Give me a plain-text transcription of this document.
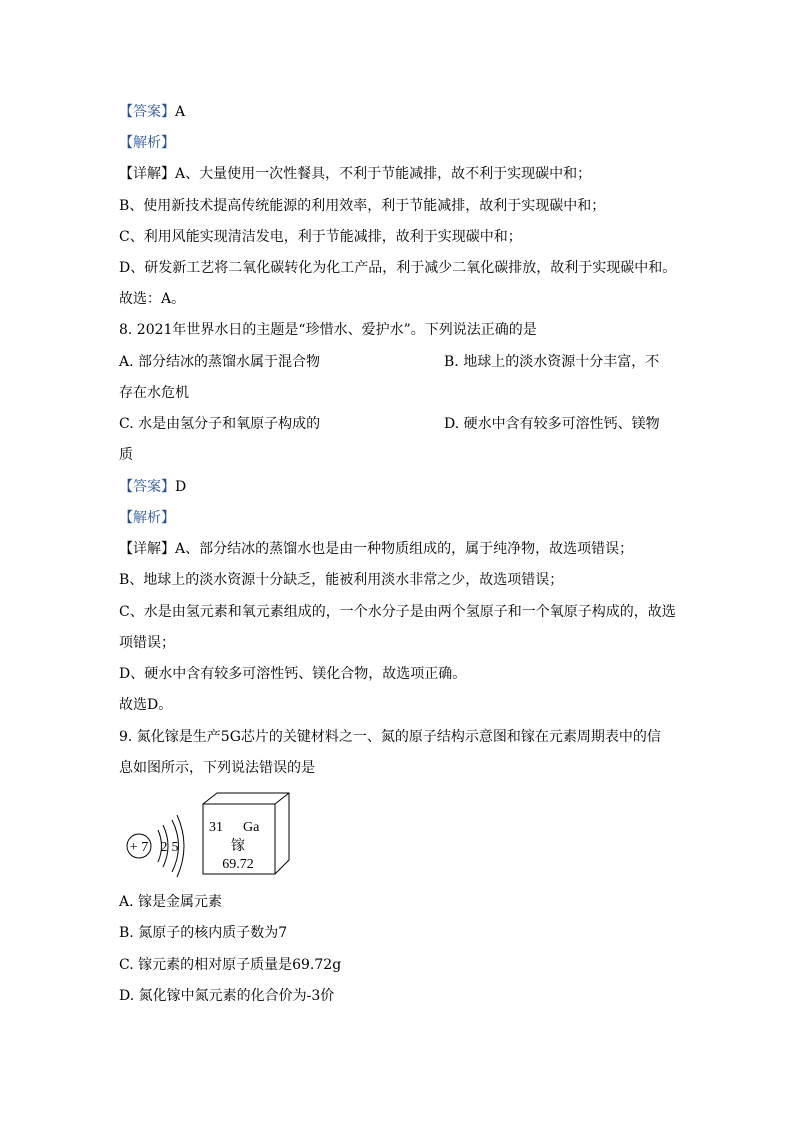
【答案】A
【解析】
【详解】A、大量使用一次性餐具，不利于节能减排，故不利于实现碳中和；
B、使用新技术提高传统能源的利用效率，利于节能减排，故利于实现碳中和；
C、利用风能实现清洁发电，利于节能减排，故利于实现碳中和；
D、研发新工艺将二氧化碳转化为化工产品，利于减少二氧化碳排放，故利于实现碳中和。
故选：A。
8. 2021年世界水日的主题是“珍惜水、爱护水”。下列说法正确的是
A. 部分结冰的蒸馏水属于混合物	B. 地球上的淡水资源十分丰富，不
存在水危机
C. 水是由氢分子和氧原子构成的	D. 硬水中含有较多可溶性钙、镁物
质
【答案】D
【解析】
【详解】A、部分结冰的蒸馏水也是由一种物质组成的，属于纯净物，故选项错误；
B、地球上的淡水资源十分缺乏，能被利用淡水非常之少，故选项错误；
C、水是由氢元素和氧元素组成的，一个水分子是由两个氢原子和一个氧原子构成的，故选
项错误；
D、硬水中含有较多可溶性钙、镁化合物，故选项正确。
故选D。
9. 氮化镓是生产5G芯片的关键材料之一、氮的原子结构示意图和镓在元素周期表中的信
息如图所示，下列说法错误的是
+ 7 2 5
31 Ga
镓
69.72
A. 镓是金属元素
B. 氮原子的核内质子数为7
C. 镓元素的相对原子质量是69.72g
D. 氮化镓中氮元素的化合价为-3价
